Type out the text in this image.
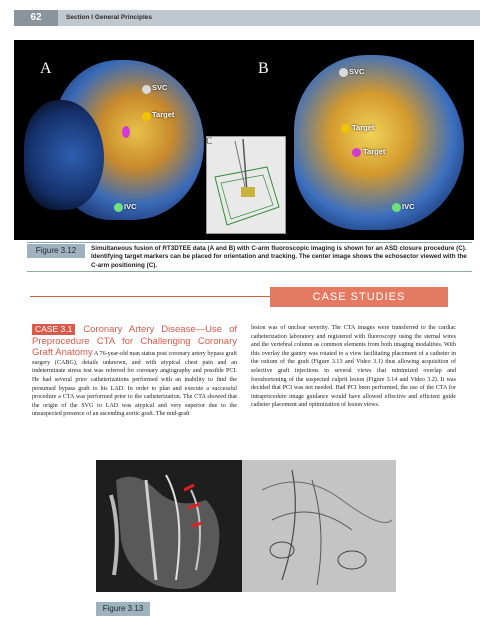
62	Section I General Principles
A
SVC
Target
IVC
B	SVC
Target
Target
IVC
C
Figure 3.12	Simultaneous fusion of RT3DTEE data (A and B) with C-arm fluoroscopic imaging is shown for an ASD closure procedure (C). Identifying target markers can be placed for orientation and tracking. The center image shows the echosector viewed with the C-arm positioning (C).
CASE STUDIES
CASE 3.1 Coronary Artery Disease—Use of Preprocedure CTA for Challenging Coronary Graft Anatomy A 76-year-old man status post coronary artery bypass graft surgery (CABG), details unknown, and with atypical chest pain and an indeterminate stress test was referred for coronary angiography and possible PCI. He had several prior catheterizations performed with an inability to find the presumed bypass graft to his LAD. In order to plan and execute a successful procedure a CTA was performed prior to the catheterization. The CTA showed that the origin of the SVG to LAD was atypical and very superior due to the unsuspected presence of an ascending aortic graft. The mid-graft
lesion was of unclear severity. The CTA images were transferred to the cardiac catheterization laboratory and registered with fluoroscopy using the sternal wires and the vertebral column as common elements from both imaging modalities. With this overlay the gantry was rotated to a view facilitating placement of a catheter in the ostium of the graft (Figure 3.13 and Video 3.1) thus allowing acquisition of selective graft injections in several views that minimized overlap and foreshortening of the suspected culprit lesion (Figure 3.14 and Video 3.2). It was decided that PCI was not needed. Had PCI been performed, the use of the CTA for intraprocedure image guidance would have allowed effective and efficient guide catheter placement and optimization of lesion views.
Figure 3.13
